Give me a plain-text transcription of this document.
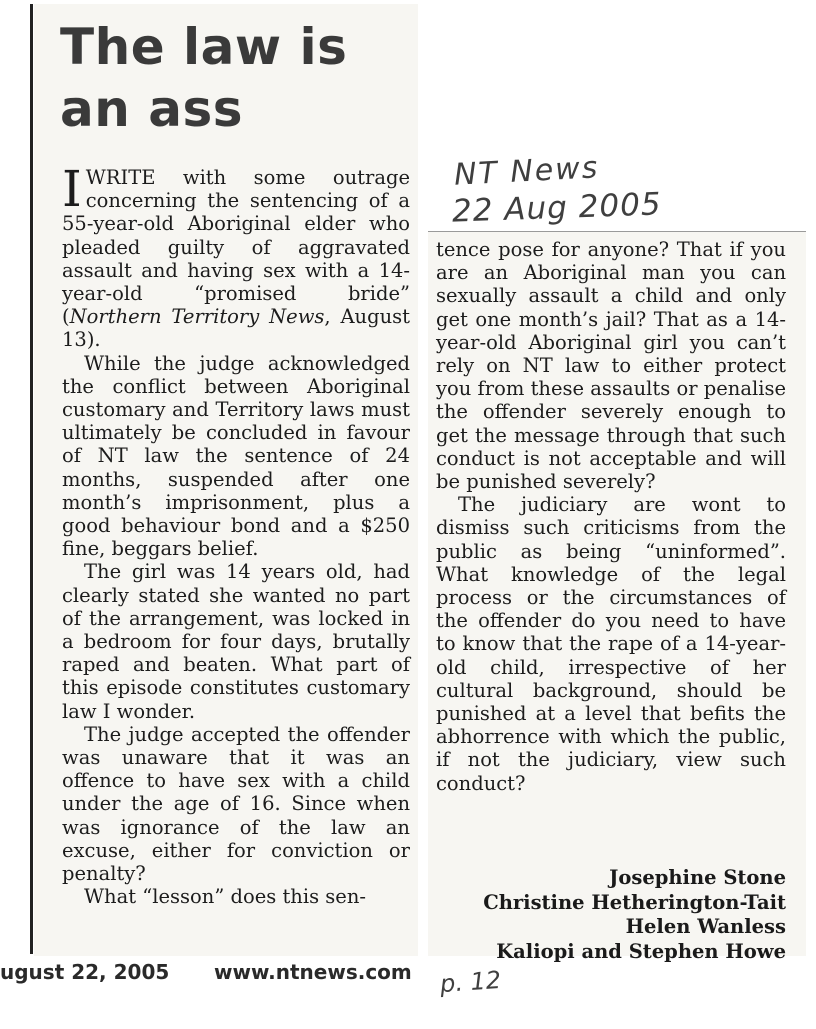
The law is an ass
NT News
22 Aug 2005

IWRITE with some outrage concerning the sentencing of a 55-year-old Aboriginal elder who pleaded guilty of aggravated assault and having sex with a 14-year-old “promised bride” (Northern Territory News, August 13).

While the judge acknowledged the conflict between Aboriginal customary and Territory laws must ultimately be concluded in favour of NT law the sentence of 24 months, suspended after one month’s imprisonment, plus a good behaviour bond and a $250 fine, beggars belief.

The girl was 14 years old, had clearly stated she wanted no part of the arrangement, was locked in a bedroom for four days, brutally raped and beaten. What part of this episode constitutes customary law I wonder.

The judge accepted the offender was unaware that it was an offence to have sex with a child under the age of 16. Since when was ignorance of the law an excuse, either for conviction or penalty?

What “lesson” does this sen-

tence pose for anyone? That if you are an Aboriginal man you can sexually assault a child and only get one month’s jail? That as a 14-year-old Aboriginal girl you can’t rely on NT law to either protect you from these assaults or penalise the offender severely enough to get the message through that such conduct is not acceptable and will be punished severely?

The judiciary are wont to dismiss such criticisms from the public as being “uninformed”. What knowledge of the legal process or the circumstances of the offender do you need to have to know that the rape of a 14-year-old child, irrespective of her cultural background, should be punished at a level that befits the abhorrence with which the public, if not the judiciary, view such conduct?

Josephine Stone
Christine Hetherington-Tait
Helen Wanless
Kaliopi and Stephen Howe
ugust 22, 2005 www.ntnews.com p. 12
